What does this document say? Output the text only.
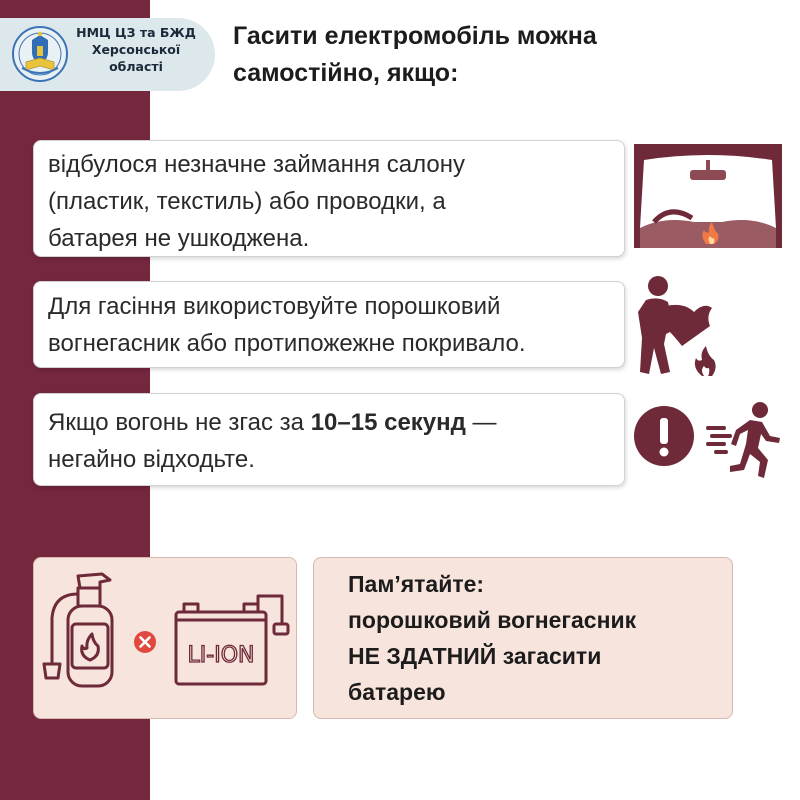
НМЦ ЦЗ та БЖД
Херсонської
області
Гасити електромобіль можна
самостійно, якщо:
відбулося незначне займання салону
(пластик, текстиль) або проводки, а
батарея не ушкоджена.
Для гасіння використовуйте порошковий
вогнегасник або протипожежне покривало.
Якщо вогонь не згас за 10–15 секунд —
негайно відходьте.
LI-ION
Пам’ятайте:
порошковий вогнегасник
НЕ ЗДАТНИЙ загасити
батарею
